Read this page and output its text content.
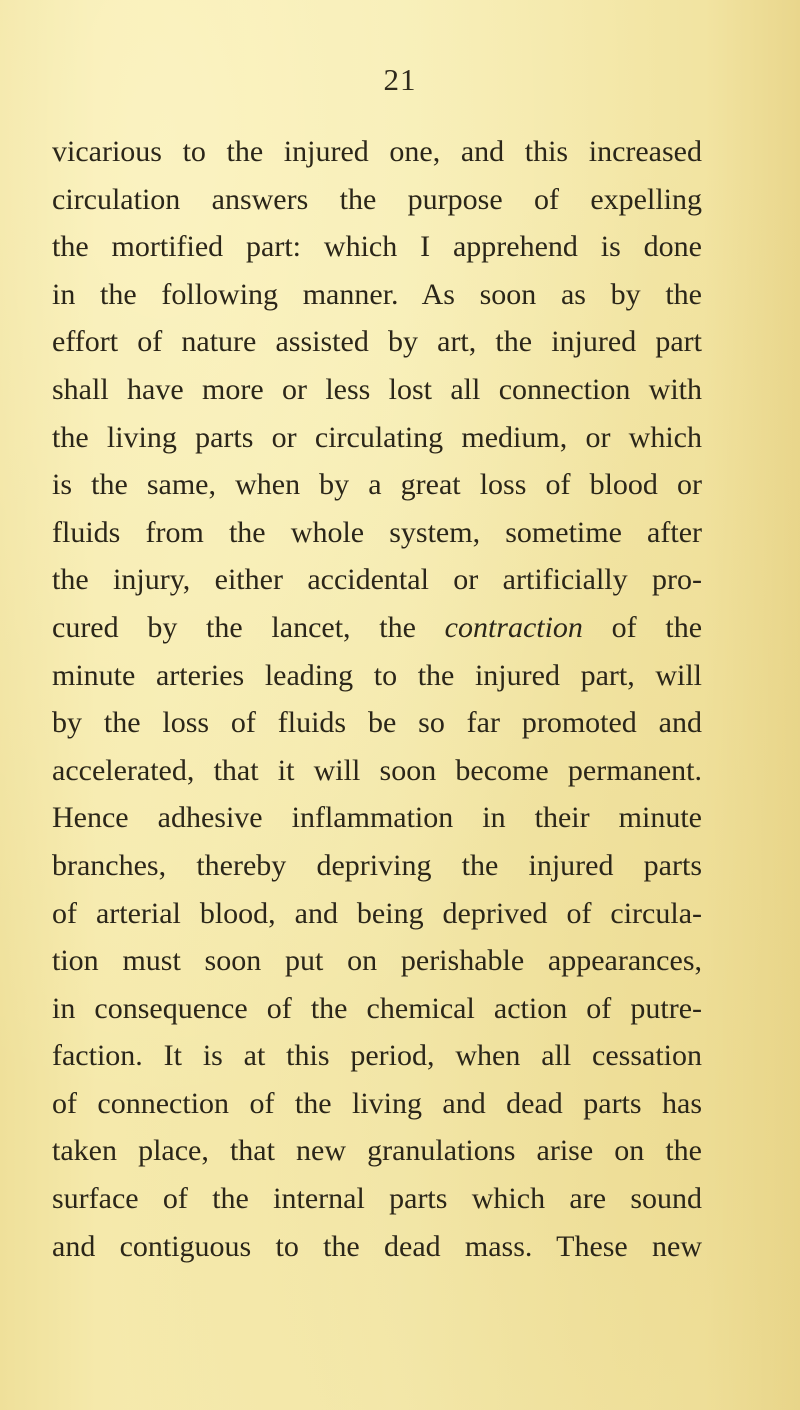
21
vicarious to the injured one, and this increased
circulation answers the purpose of expelling
the mortified part: which I apprehend is done
in the following manner. As soon as by the
effort of nature assisted by art, the injured part
shall have more or less lost all connection with
the living parts or circulating medium, or which
is the same, when by a great loss of blood or
fluids from the whole system, sometime after
the injury, either accidental or artificially pro-
cured by the lancet, the contraction of the
minute arteries leading to the injured part, will
by the loss of fluids be so far promoted and
accelerated, that it will soon become permanent.
Hence adhesive inflammation in their minute
branches, thereby depriving the injured parts
of arterial blood, and being deprived of circula-
tion must soon put on perishable appearances,
in consequence of the chemical action of putre-
faction. It is at this period, when all cessation
of connection of the living and dead parts has
taken place, that new granulations arise on the
surface of the internal parts which are sound
and contiguous to the dead mass. These new
